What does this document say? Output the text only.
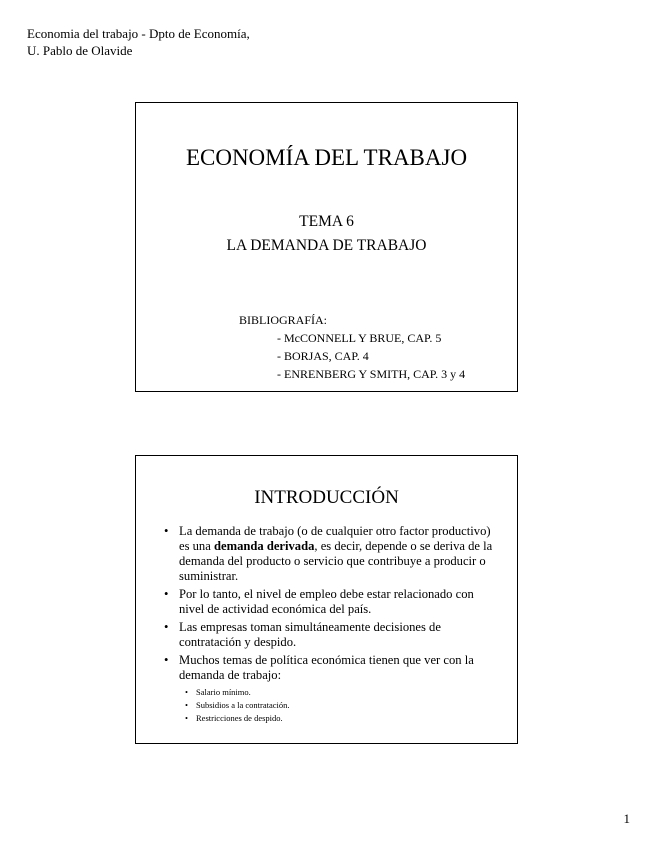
Economia del trabajo - Dpto de Economía,
U. Pablo de Olavide
ECONOMÍA DEL TRABAJO
TEMA 6
LA DEMANDA DE TRABAJO
BIBLIOGRAFÍA:
- McCONNELL Y BRUE, CAP. 5
- BORJAS, CAP. 4
- ENRENBERG Y SMITH, CAP. 3 y 4
INTRODUCCIÓN
• La demanda de trabajo (o de cualquier otro factor productivo) es una demanda derivada, es decir, depende o se deriva de la demanda del producto o servicio que contribuye a producir o suministrar.
• Por lo tanto, el nivel de empleo debe estar relacionado con nivel de actividad económica del país.
• Las empresas toman simultáneamente decisiones de contratación y despido.
• Muchos temas de política económica tienen que ver con la demanda de trabajo:
• Salario mínimo.
• Subsidios a la contratación.
• Restricciones de despido.
1
